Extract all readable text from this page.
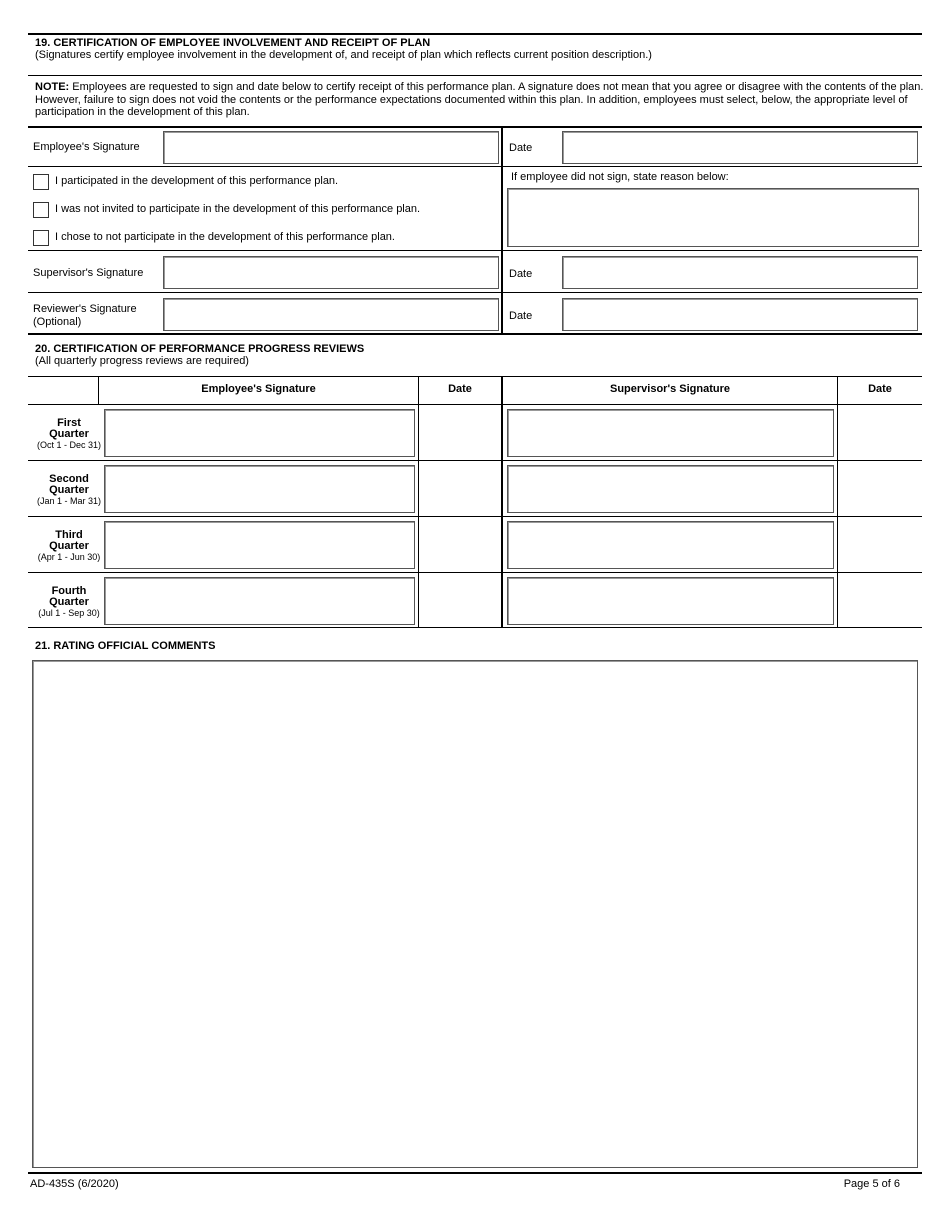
19. CERTIFICATION OF EMPLOYEE INVOLVEMENT AND RECEIPT OF PLAN
(Signatures certify employee involvement in the development of, and receipt of plan which reflects current position description.)
NOTE: Employees are requested to sign and date below to certify receipt of this performance plan. A signature does not mean that you agree or disagree with the contents of the plan.
However, failure to sign does not void the contents or the performance expectations documented within this plan. In addition, employees must select, below, the appropriate level of
participation in the development of this plan.
Employee's Signature	Date
I participated in the development of this performance plan.
I was not invited to participate in the development of this performance plan.
I chose to not participate in the development of this performance plan.
If employee did not sign, state reason below:
Supervisor's Signature	Date
Reviewer's Signature
(Optional)	Date
20. CERTIFICATION OF PERFORMANCE PROGRESS REVIEWS
(All quarterly progress reviews are required)
Employee's Signature	Date	Supervisor's Signature	Date
First
Quarter
(Oct 1 - Dec 31)
Second
Quarter
(Jan 1 - Mar 31)
Third
Quarter
(Apr 1 - Jun 30)
Fourth
Quarter
(Jul 1 - Sep 30)
21. RATING OFFICIAL COMMENTS
AD-435S (6/2020)	Page 5 of 6
